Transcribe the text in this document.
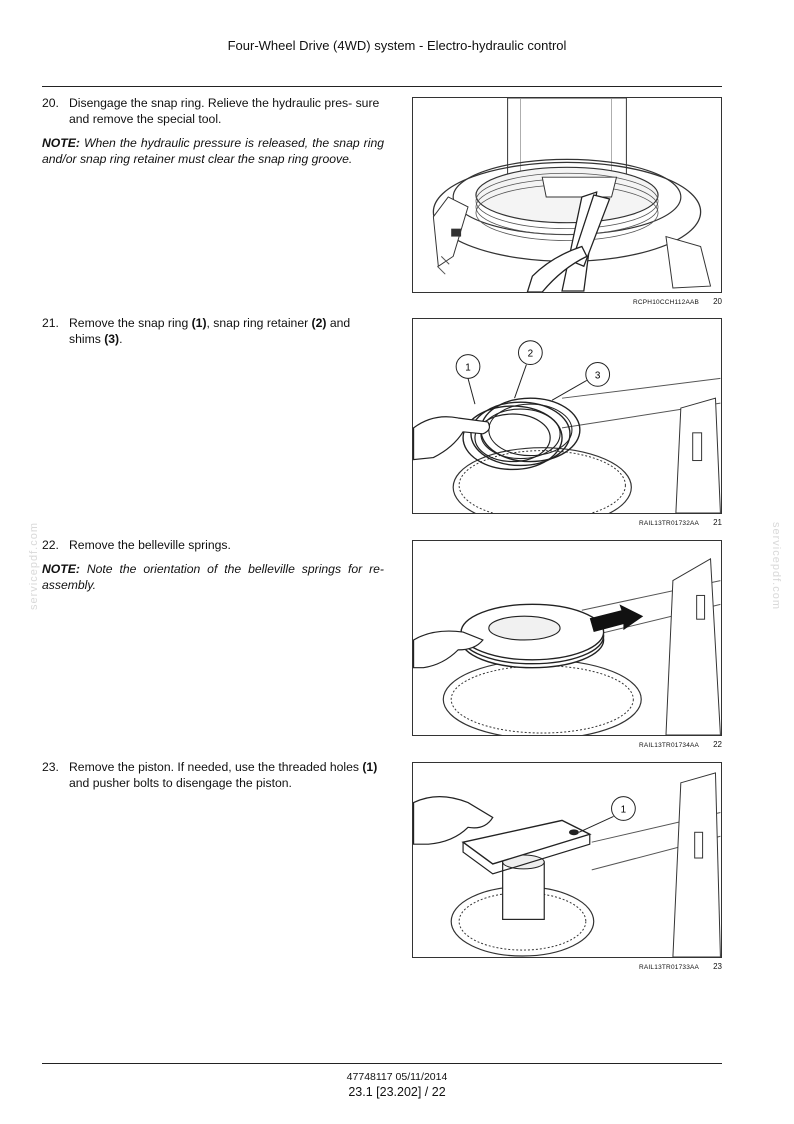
Four-Wheel Drive (4WD) system - Electro-hydraulic control
servicepdf.com	servicepdf.com
20. Disengage the snap ring. Relieve the hydraulic pres- sure and remove the special tool.
NOTE: When the hydraulic pressure is released, the snap ring and/or snap ring retainer must clear the snap ring groove.
RCPH10CCH112AAB 20
21. Remove the snap ring (1), snap ring retainer (2) and shims (3).
1
2
3
RAIL13TR01732AA 21
22. Remove the belleville springs.
NOTE: Note the orientation of the belleville springs for re- assembly.
RAIL13TR01734AA 22
23. Remove the piston. If needed, use the threaded holes (1) and pusher bolts to disengage the piston.
1
RAIL13TR01733AA 23
47748117 05/11/2014
23.1 [23.202] / 22
